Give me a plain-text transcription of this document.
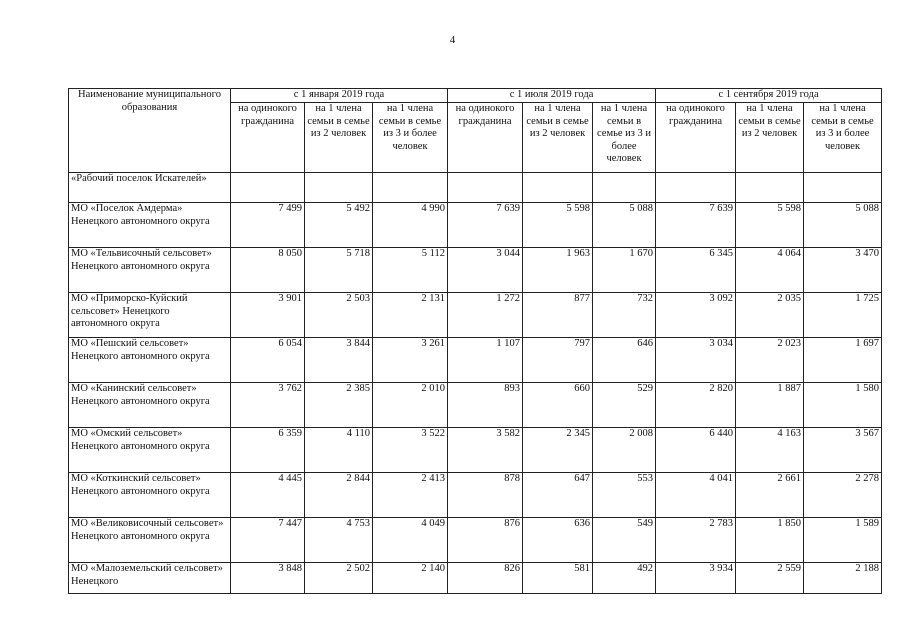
4
Наименование муниципального образования	с 1 января 2019 года			с 1 июля 2019 года			с 1 сентября 2019 года		
	на одинокого гражданина	на 1 члена семьи в семье из 2 человек	на 1 члена семьи в семье из 3 и более человек	на одинокого гражданина	на 1 члена семьи в семье из 2 человек	на 1 члена семьи в семье из 3 и более человек	на одинокого гражданина	на 1 члена семьи в семье из 2 человек	на 1 члена семьи в семье из 3 и более человек
«Рабочий поселок Искателей»									
МО «Поселок Амдерма» Ненецкого автономного округа	7 499	5 492	4 990	7 639	5 598	5 088	7 639	5 598	5 088
МО «Тельвисочный сельсовет» Ненецкого автономного округа	8 050	5 718	5 112	3 044	1 963	1 670	6 345	4 064	3 470
МО «Приморско-Куйский сельсовет» Ненецкого автономного округа	3 901	2 503	2 131	1 272	877	732	3 092	2 035	1 725
МО «Пешский сельсовет» Ненецкого автономного округа	6 054	3 844	3 261	1 107	797	646	3 034	2 023	1 697
МО «Канинский сельсовет» Ненецкого автономного округа	3 762	2 385	2 010	893	660	529	2 820	1 887	1 580
МО «Омский сельсовет» Ненецкого автономного округа	6 359	4 110	3 522	3 582	2 345	2 008	6 440	4 163	3 567
МО «Коткинский сельсовет» Ненецкого автономного округа	4 445	2 844	2 413	878	647	553	4 041	2 661	2 278
МО «Великовисочный сельсовет» Ненецкого автономного округа	7 447	4 753	4 049	876	636	549	2 783	1 850	1 589
МО «Малоземельский сельсовет» Ненецкого	3 848	2 502	2 140	826	581	492	3 934	2 559	2 188
